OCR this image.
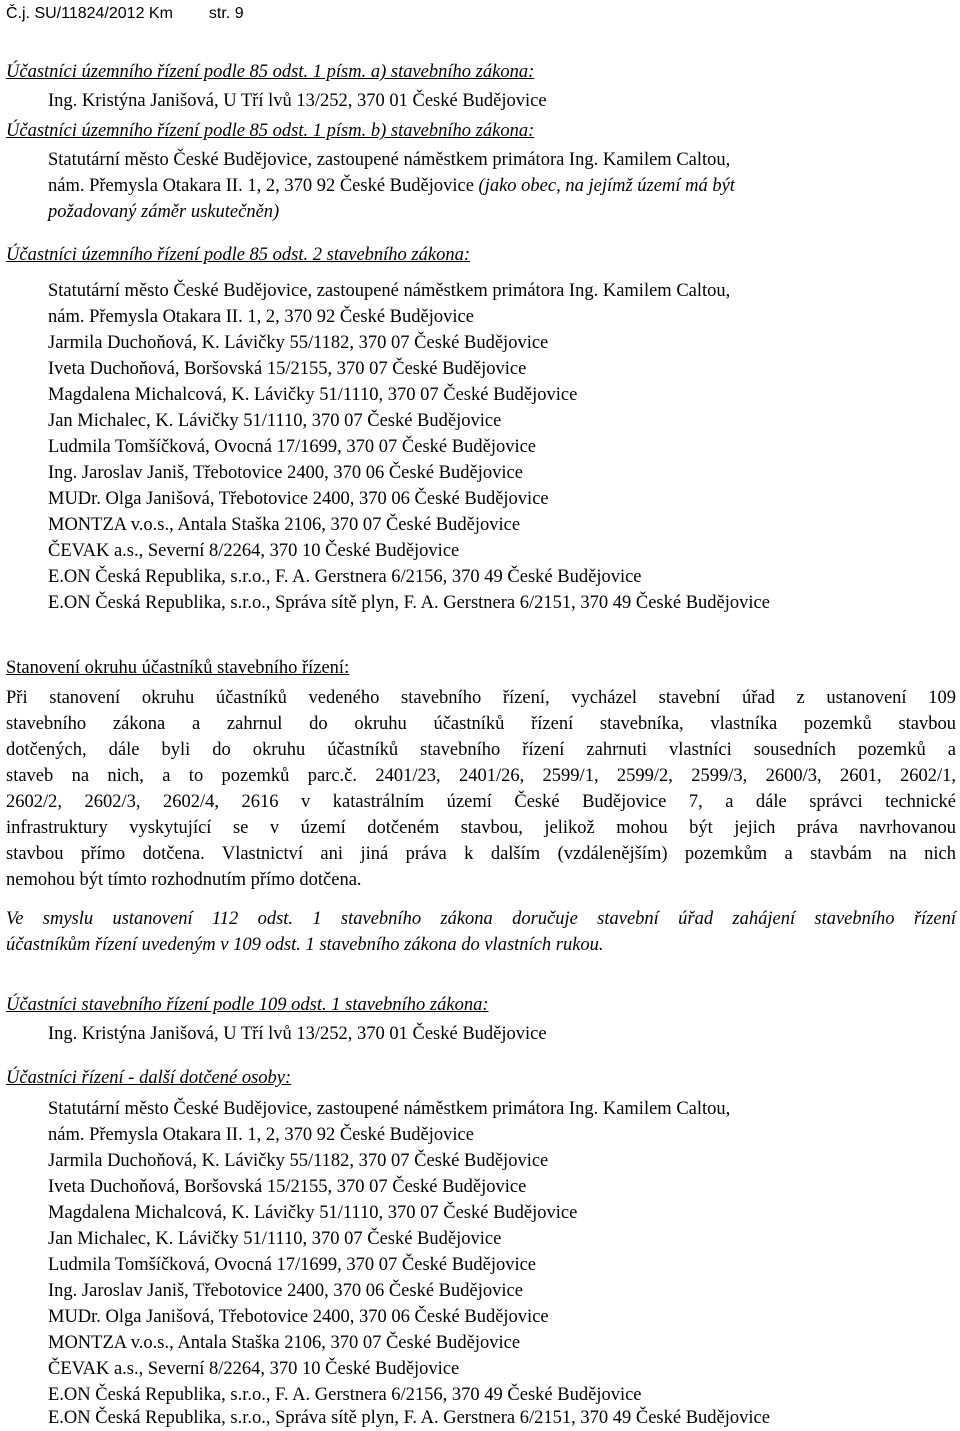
Č.j. SU/11824/2012 Km str. 9
Účastníci územního řízení podle 85 odst. 1 písm. a) stavebního zákona:
Ing. Kristýna Janišová, U Tří lvů 13/252, 370 01 České Budějovice
Účastníci územního řízení podle 85 odst. 1 písm. b) stavebního zákona:
Statutární město České Budějovice, zastoupené náměstkem primátora Ing. Kamilem Caltou,
nám. Přemysla Otakara II. 1, 2, 370 92 České Budějovice (jako obec, na jejímž území má být
požadovaný záměr uskutečněn)
Účastníci územního řízení podle 85 odst. 2 stavebního zákona:
Statutární město České Budějovice, zastoupené náměstkem primátora Ing. Kamilem Caltou,
nám. Přemysla Otakara II. 1, 2, 370 92 České Budějovice
Jarmila Duchoňová, K. Lávičky 55/1182, 370 07 České Budějovice
Iveta Duchoňová, Boršovská 15/2155, 370 07 České Budějovice
Magdalena Michalcová, K. Lávičky 51/1110, 370 07 České Budějovice
Jan Michalec, K. Lávičky 51/1110, 370 07 České Budějovice
Ludmila Tomšíčková, Ovocná 17/1699, 370 07 České Budějovice
Ing. Jaroslav Janiš, Třebotovice 2400, 370 06 České Budějovice
MUDr. Olga Janišová, Třebotovice 2400, 370 06 České Budějovice
MONTZA v.o.s., Antala Staška 2106, 370 07 České Budějovice
ČEVAK a.s., Severní 8/2264, 370 10 České Budějovice
E.ON Česká Republika, s.r.o., F. A. Gerstnera 6/2156, 370 49 České Budějovice
E.ON Česká Republika, s.r.o., Správa sítě plyn, F. A. Gerstnera 6/2151, 370 49 České Budějovice
Stanovení okruhu účastníků stavebního řízení:
Při stanovení okruhu účastníků vedeného stavebního řízení, vycházel stavební úřad z ustanovení 109
stavebního zákona a zahrnul do okruhu účastníků řízení stavebníka, vlastníka pozemků stavbou
dotčených, dále byli do okruhu účastníků stavebního řízení zahrnuti vlastníci sousedních pozemků a
staveb na nich, a to pozemků parc.č. 2401/23, 2401/26, 2599/1, 2599/2, 2599/3, 2600/3, 2601, 2602/1,
2602/2, 2602/3, 2602/4, 2616 v katastrálním území České Budějovice 7, a dále správci technické
infrastruktury vyskytující se v území dotčeném stavbou, jelikož mohou být jejich práva navrhovanou
stavbou přímo dotčena. Vlastnictví ani jiná práva k dalším (vzdálenějším) pozemkům a stavbám na nich
nemohou být tímto rozhodnutím přímo dotčena.
Ve smyslu ustanovení 112 odst. 1 stavebního zákona doručuje stavební úřad zahájení stavebního řízení
účastníkům řízení uvedeným v 109 odst. 1 stavebního zákona do vlastních rukou.
Účastníci stavebního řízení podle 109 odst. 1 stavebního zákona:
Ing. Kristýna Janišová, U Tří lvů 13/252, 370 01 České Budějovice
Účastníci řízení - další dotčené osoby:
Statutární město České Budějovice, zastoupené náměstkem primátora Ing. Kamilem Caltou,
nám. Přemysla Otakara II. 1, 2, 370 92 České Budějovice
Jarmila Duchoňová, K. Lávičky 55/1182, 370 07 České Budějovice
Iveta Duchoňová, Boršovská 15/2155, 370 07 České Budějovice
Magdalena Michalcová, K. Lávičky 51/1110, 370 07 České Budějovice
Jan Michalec, K. Lávičky 51/1110, 370 07 České Budějovice
Ludmila Tomšíčková, Ovocná 17/1699, 370 07 České Budějovice
Ing. Jaroslav Janiš, Třebotovice 2400, 370 06 České Budějovice
MUDr. Olga Janišová, Třebotovice 2400, 370 06 České Budějovice
MONTZA v.o.s., Antala Staška 2106, 370 07 České Budějovice
ČEVAK a.s., Severní 8/2264, 370 10 České Budějovice
E.ON Česká Republika, s.r.o., F. A. Gerstnera 6/2156, 370 49 České Budějovice
E.ON Česká Republika, s.r.o., Správa sítě plyn, F. A. Gerstnera 6/2151, 370 49 České Budějovice
